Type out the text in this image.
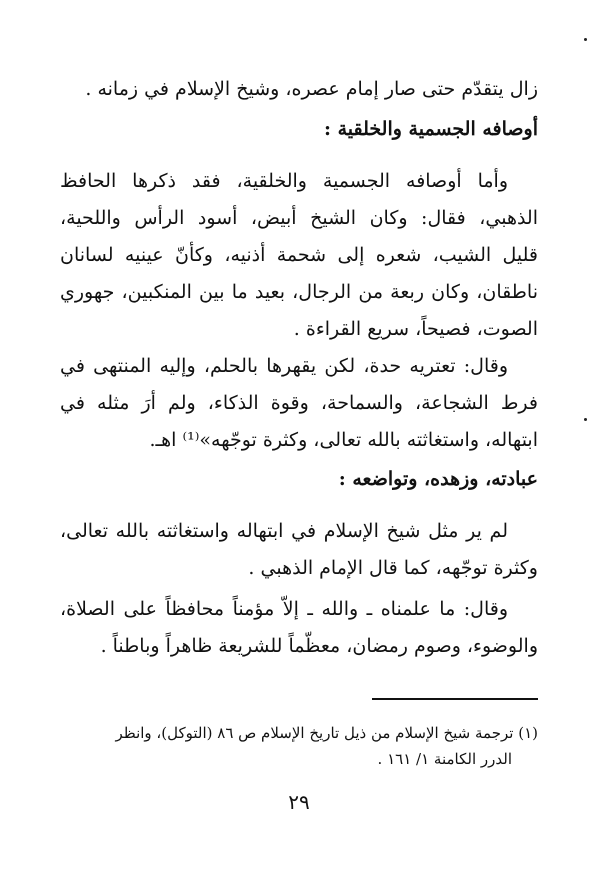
زال يتقدّم حتى صار إمام عصره، وشيخ الإسلام في زمانه .
أوصافه الجسمية والخلقية :
وأما أوصافه الجسمية والخلقية، فقد ذكرها الحافظ
الذهبي، فقال: وكان الشيخ أبيض، أسود الرأس واللحية،
قليل الشيب، شعره إلى شحمة أذنيه، وكأنّ عينيه لسانان
ناطقان، وكان ربعة من الرجال، بعيد ما بين المنكبين، جهوري
الصوت، فصيحاً، سريع القراءة .
وقال: تعتريه حدة، لكن يقهرها بالحلم، وإليه المنتهى في
فرط الشجاعة، والسماحة، وقوة الذكاء، ولم أرَ مثله في
ابتهاله، واستغاثته بالله تعالى، وكثرة توجّهه»⁽¹⁾ اهـ.
عبادته، وزهده، وتواضعه :
لم ير مثل شيخ الإسلام في ابتهاله واستغاثته بالله تعالى،
وكثرة توجّهه، كما قال الإمام الذهبي .
وقال: ما علمناه ـ والله ـ إلاّ مؤمناً محافظاً على الصلاة،
والوضوء، وصوم رمضان، معظّماً للشريعة ظاهراً وباطناً .
(١) ترجمة شيخ الإسلام من ذيل تاريخ الإسلام ص ٨٦ (التوكل)، وانظر
الدرر الكامنة ١/ ١٦١ .
٢٩
